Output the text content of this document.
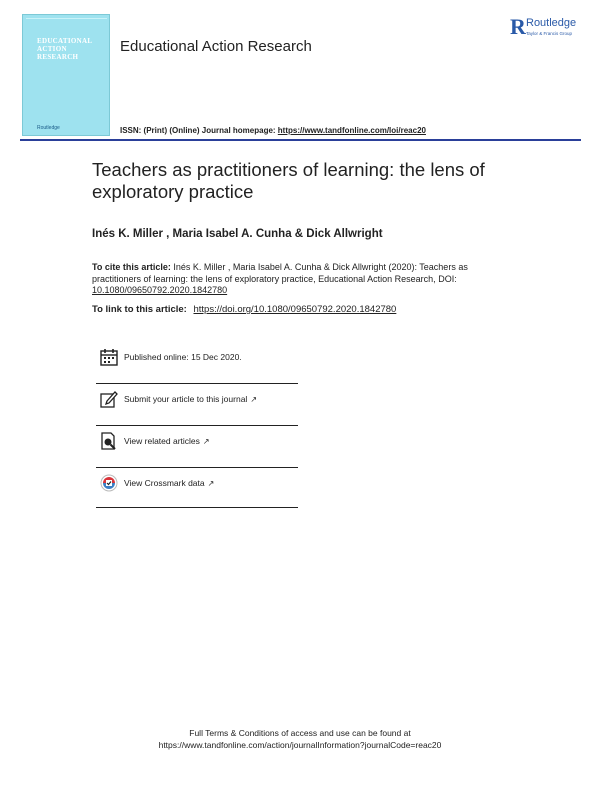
EDUCATIONAL
ACTION
RESEARCH
Routledge
Educational Action Research
R Routledge
Taylor & Francis Group
ISSN: (Print) (Online) Journal homepage: https://www.tandfonline.com/loi/reac20
Teachers as practitioners of learning: the lens of exploratory practice
Inés K. Miller , Maria Isabel A. Cunha & Dick Allwright
To cite this article: Inés K. Miller , Maria Isabel A. Cunha & Dick Allwright (2020): Teachers as practitioners of learning: the lens of exploratory practice, Educational Action Research, DOI: 10.1080/09650792.2020.1842780
To link to this article: https://doi.org/10.1080/09650792.2020.1842780
Published online: 15 Dec 2020.
Submit your article to this journal ↗
View related articles ↗
View Crossmark data ↗
Full Terms & Conditions of access and use can be found at
https://www.tandfonline.com/action/journalInformation?journalCode=reac20
